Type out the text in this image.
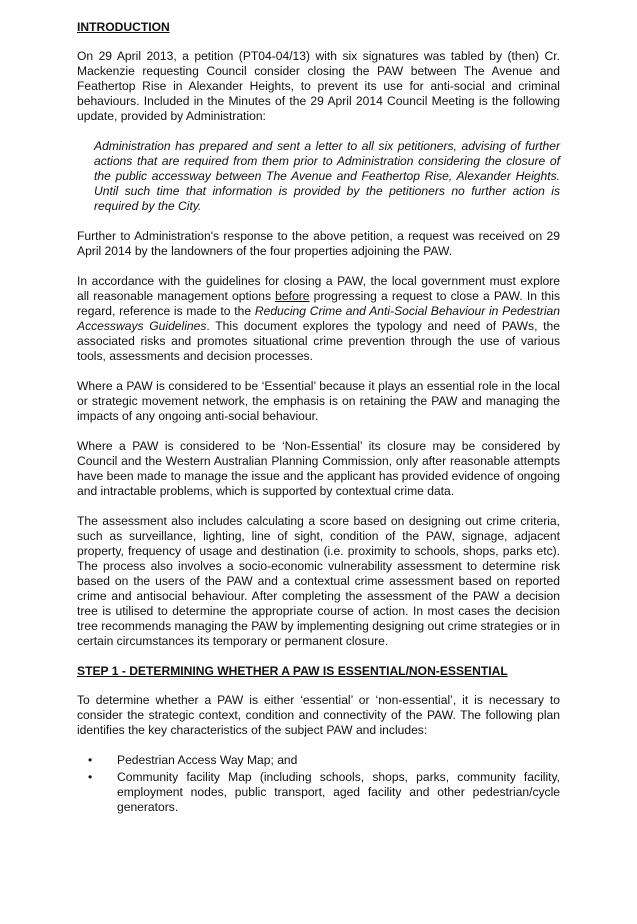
INTRODUCTION

On 29 April 2013, a petition (PT04-04/13) with six signatures was tabled by (then) Cr. Mackenzie requesting Council consider closing the PAW between The Avenue and Feathertop Rise in Alexander Heights, to prevent its use for anti-social and criminal behaviours. Included in the Minutes of the 29 April 2014 Council Meeting is the following update, provided by Administration:

Administration has prepared and sent a letter to all six petitioners, advising of further actions that are required from them prior to Administration considering the closure of the public accessway between The Avenue and Feathertop Rise, Alexander Heights. Until such time that information is provided by the petitioners no further action is required by the City.

Further to Administration's response to the above petition, a request was received on 29 April 2014 by the landowners of the four properties adjoining the PAW.

In accordance with the guidelines for closing a PAW, the local government must explore all reasonable management options before progressing a request to close a PAW. In this regard, reference is made to the Reducing Crime and Anti-Social Behaviour in Pedestrian Accessways Guidelines. This document explores the typology and need of PAWs, the associated risks and promotes situational crime prevention through the use of various tools, assessments and decision processes.

Where a PAW is considered to be ‘Essential’ because it plays an essential role in the local or strategic movement network, the emphasis is on retaining the PAW and managing the impacts of any ongoing anti-social behaviour.

Where a PAW is considered to be ‘Non-Essential’ its closure may be considered by Council and the Western Australian Planning Commission, only after reasonable attempts have been made to manage the issue and the applicant has provided evidence of ongoing and intractable problems, which is supported by contextual crime data.

The assessment also includes calculating a score based on designing out crime criteria, such as surveillance, lighting, line of sight, condition of the PAW, signage, adjacent property, frequency of usage and destination (i.e. proximity to schools, shops, parks etc). The process also involves a socio-economic vulnerability assessment to determine risk based on the users of the PAW and a contextual crime assessment based on reported crime and antisocial behaviour. After completing the assessment of the PAW a decision tree is utilised to determine the appropriate course of action. In most cases the decision tree recommends managing the PAW by implementing designing out crime strategies or in certain circumstances its temporary or permanent closure.

STEP 1 - DETERMINING WHETHER A PAW IS ESSENTIAL/NON-ESSENTIAL

To determine whether a PAW is either ‘essential’ or ‘non-essential’, it is necessary to consider the strategic context, condition and connectivity of the PAW. The following plan identifies the key characteristics of the subject PAW and includes:

• Pedestrian Access Way Map; and
• Community facility Map (including schools, shops, parks, community facility, employment nodes, public transport, aged facility and other pedestrian/cycle generators.
